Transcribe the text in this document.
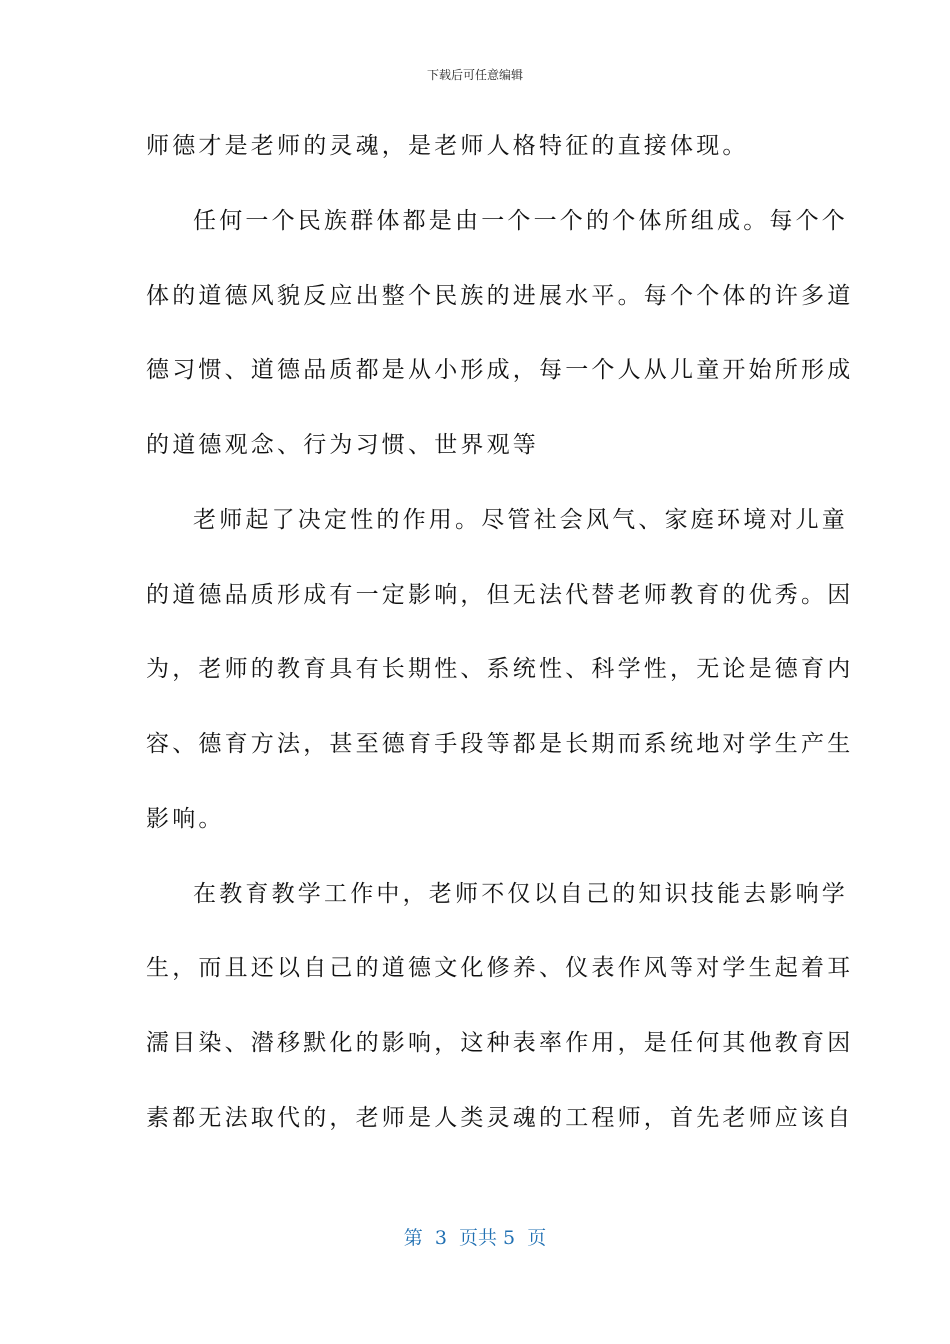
下载后可任意编辑
师德才是老师的灵魂，是老师人格特征的直接体现。
任何一个民族群体都是由一个一个的个体所组成。每个个
体的道德风貌反应出整个民族的进展水平。每个个体的许多道
德习惯、道德品质都是从小形成，每一个人从儿童开始所形成
的道德观念、行为习惯、世界观等
老师起了决定性的作用。尽管社会风气、家庭环境对儿童
的道德品质形成有一定影响，但无法代替老师教育的优秀。因
为，老师的教育具有长期性、系统性、科学性，无论是德育内
容、德育方法，甚至德育手段等都是长期而系统地对学生产生
影响。
在教育教学工作中，老师不仅以自己的知识技能去影响学
生，而且还以自己的道德文化修养、仪表作风等对学生起着耳
濡目染、潜移默化的影响，这种表率作用，是任何其他教育因
素都无法取代的，老师是人类灵魂的工程师，首先老师应该自
第  3  页共 5  页
